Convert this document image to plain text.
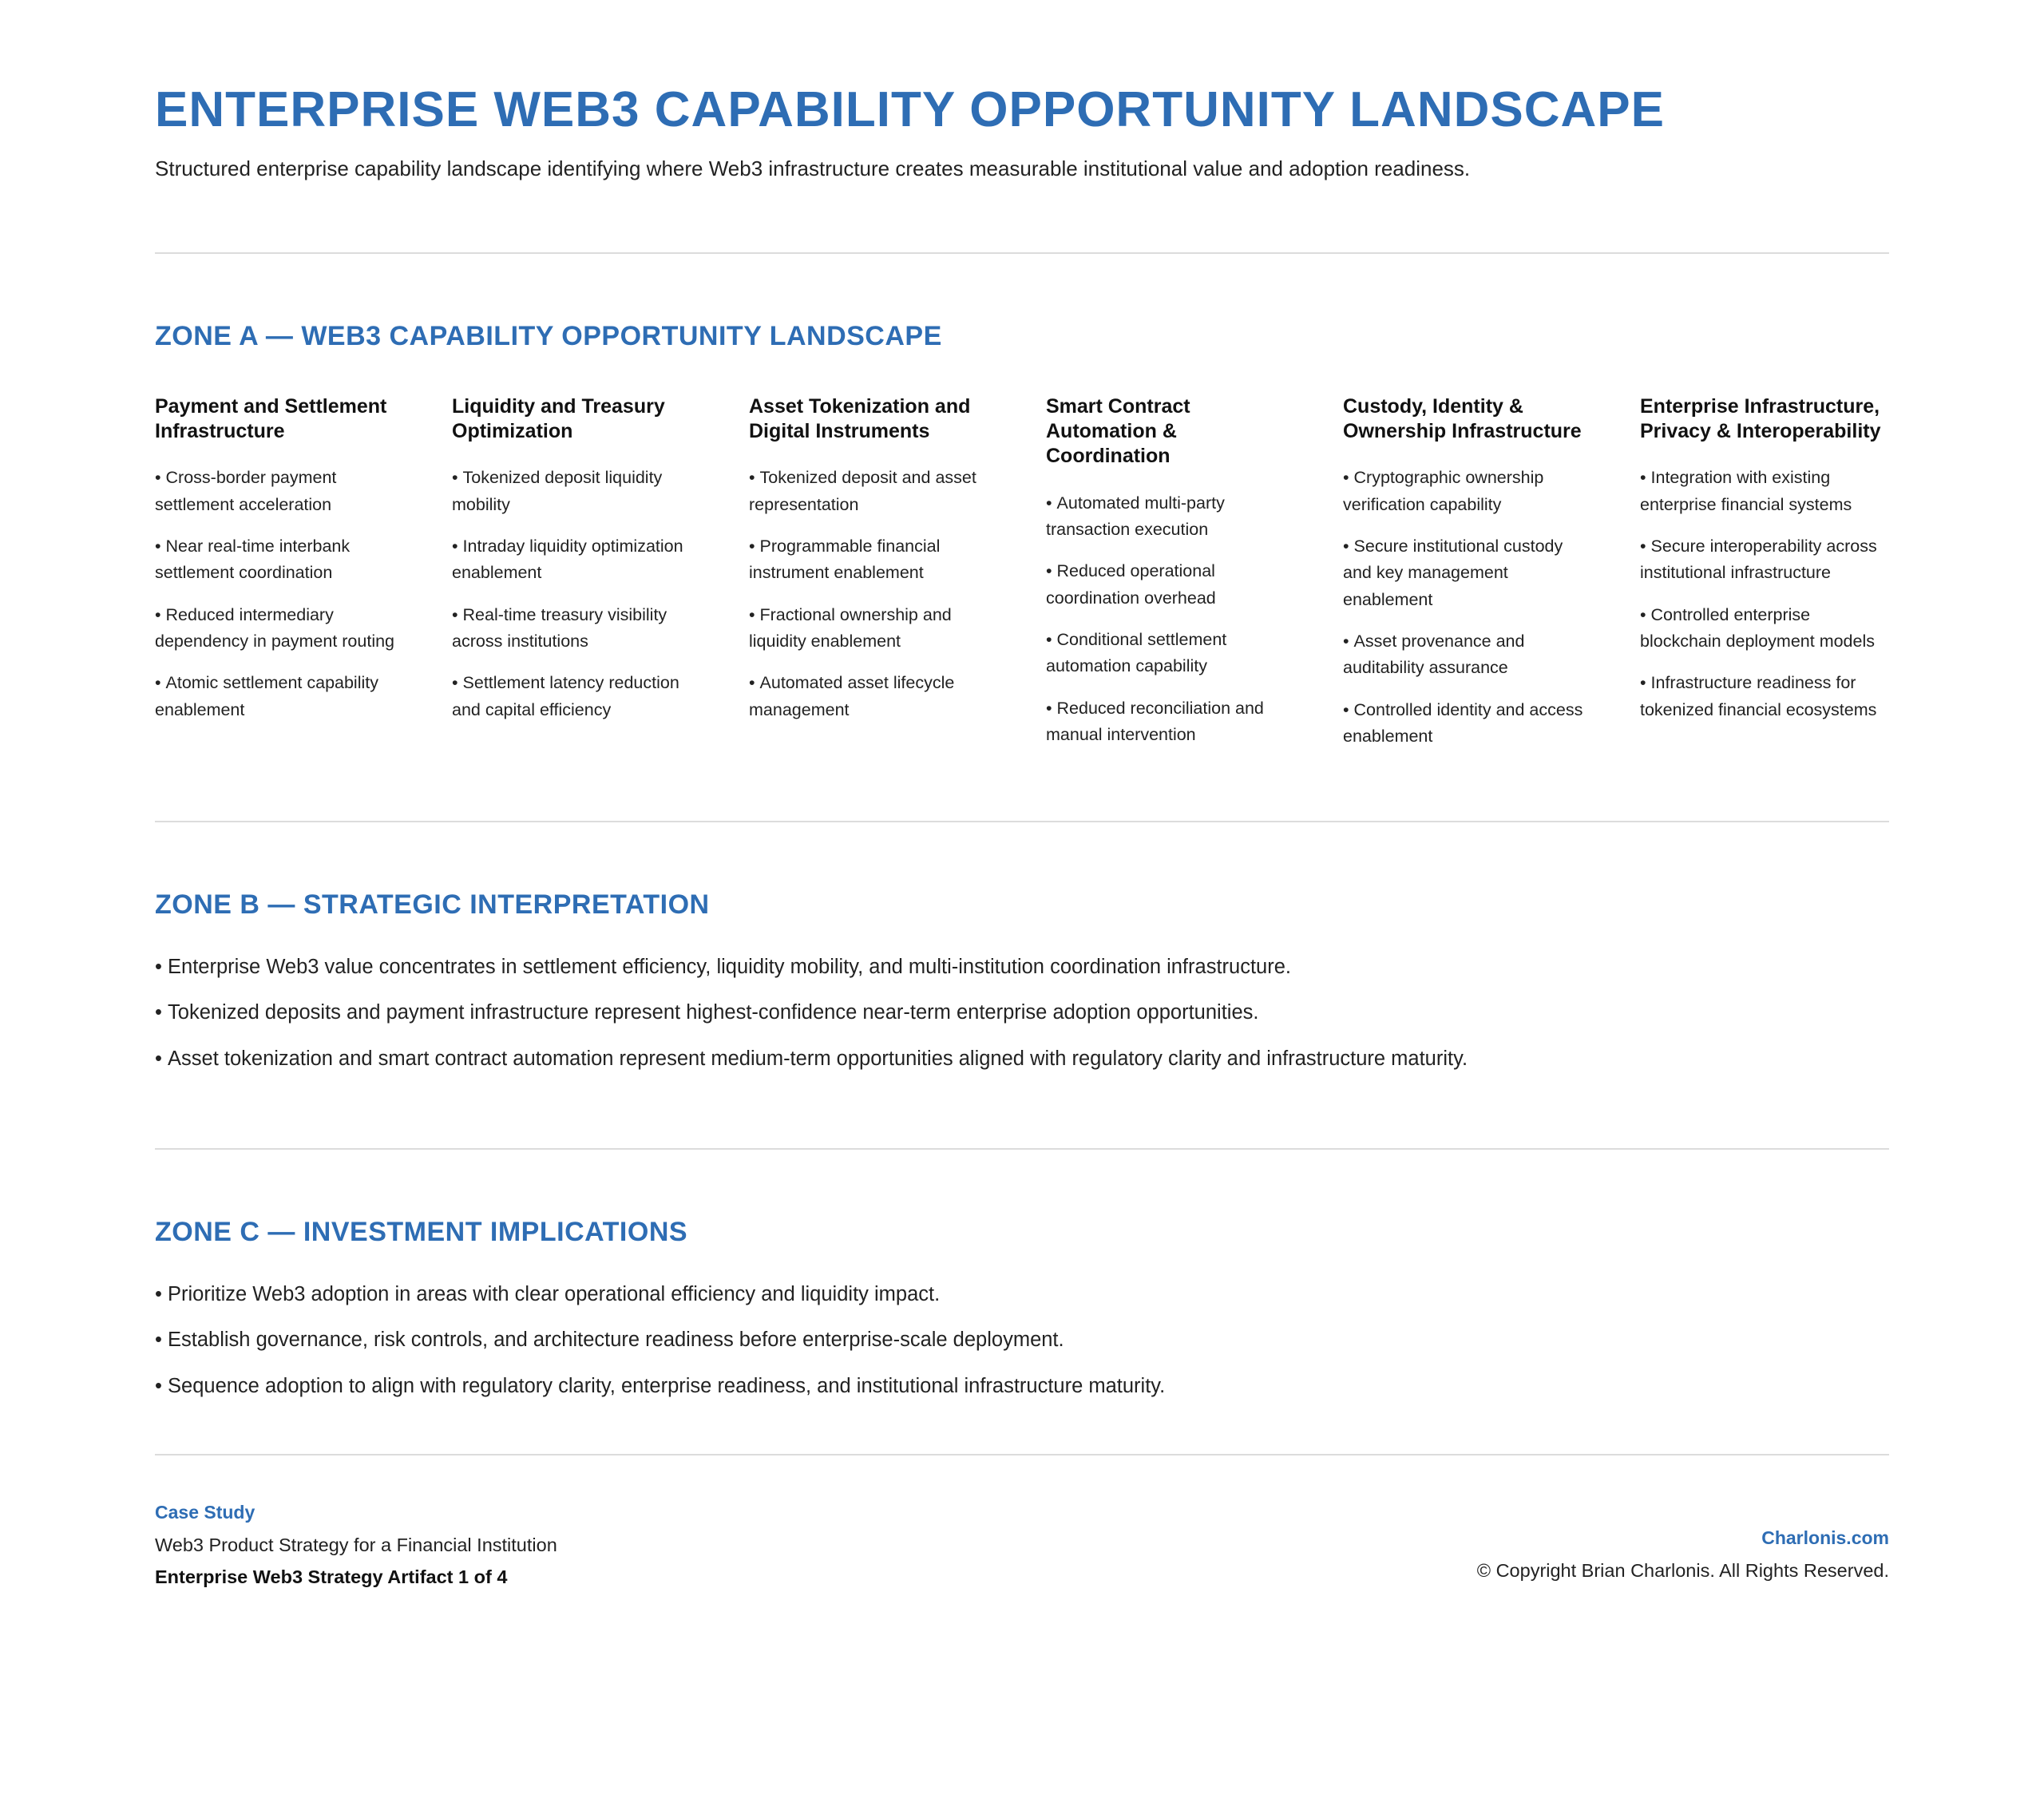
ENTERPRISE WEB3 CAPABILITY OPPORTUNITY LANDSCAPE

Structured enterprise capability landscape identifying where Web3 infrastructure creates measurable institutional value and adoption readiness.

ZONE A — WEB3 CAPABILITY OPPORTUNITY LANDSCAPE
Payment and Settlement Infrastructure
• Cross-border payment settlement acceleration
• Near real-time interbank settlement coordination
• Reduced intermediary dependency in payment routing
• Atomic settlement capability enablement
Liquidity and Treasury Optimization
• Tokenized deposit liquidity mobility
• Intraday liquidity optimization enablement
• Real-time treasury visibility across institutions
• Settlement latency reduction and capital efficiency
Asset Tokenization and Digital Instruments
• Tokenized deposit and asset representation
• Programmable financial instrument enablement
• Fractional ownership and liquidity enablement
• Automated asset lifecycle management
Smart Contract Automation & Coordination
• Automated multi-party transaction execution
• Reduced operational coordination overhead
• Conditional settlement automation capability
• Reduced reconciliation and manual intervention
Custody, Identity & Ownership Infrastructure
• Cryptographic ownership verification capability
• Secure institutional custody and key management enablement
• Asset provenance and auditability assurance
• Controlled identity and access enablement
Enterprise Infrastructure, Privacy & Interoperability
• Integration with existing enterprise financial systems
• Secure interoperability across institutional infrastructure
• Controlled enterprise blockchain deployment models
• Infrastructure readiness for tokenized financial ecosystems
ZONE B — STRATEGIC INTERPRETATION
• Enterprise Web3 value concentrates in settlement efficiency, liquidity mobility, and multi-institution coordination infrastructure.
• Tokenized deposits and payment infrastructure represent highest-confidence near-term enterprise adoption opportunities.
• Asset tokenization and smart contract automation represent medium-term opportunities aligned with regulatory clarity and infrastructure maturity.
ZONE C — INVESTMENT IMPLICATIONS
• Prioritize Web3 adoption in areas with clear operational efficiency and liquidity impact.
• Establish governance, risk controls, and architecture readiness before enterprise-scale deployment.
• Sequence adoption to align with regulatory clarity, enterprise readiness, and institutional infrastructure maturity.
Case Study
Web3 Product Strategy for a Financial Institution
Enterprise Web3 Strategy Artifact 1 of 4
Charlonis.com
© Copyright Brian Charlonis. All Rights Reserved.
